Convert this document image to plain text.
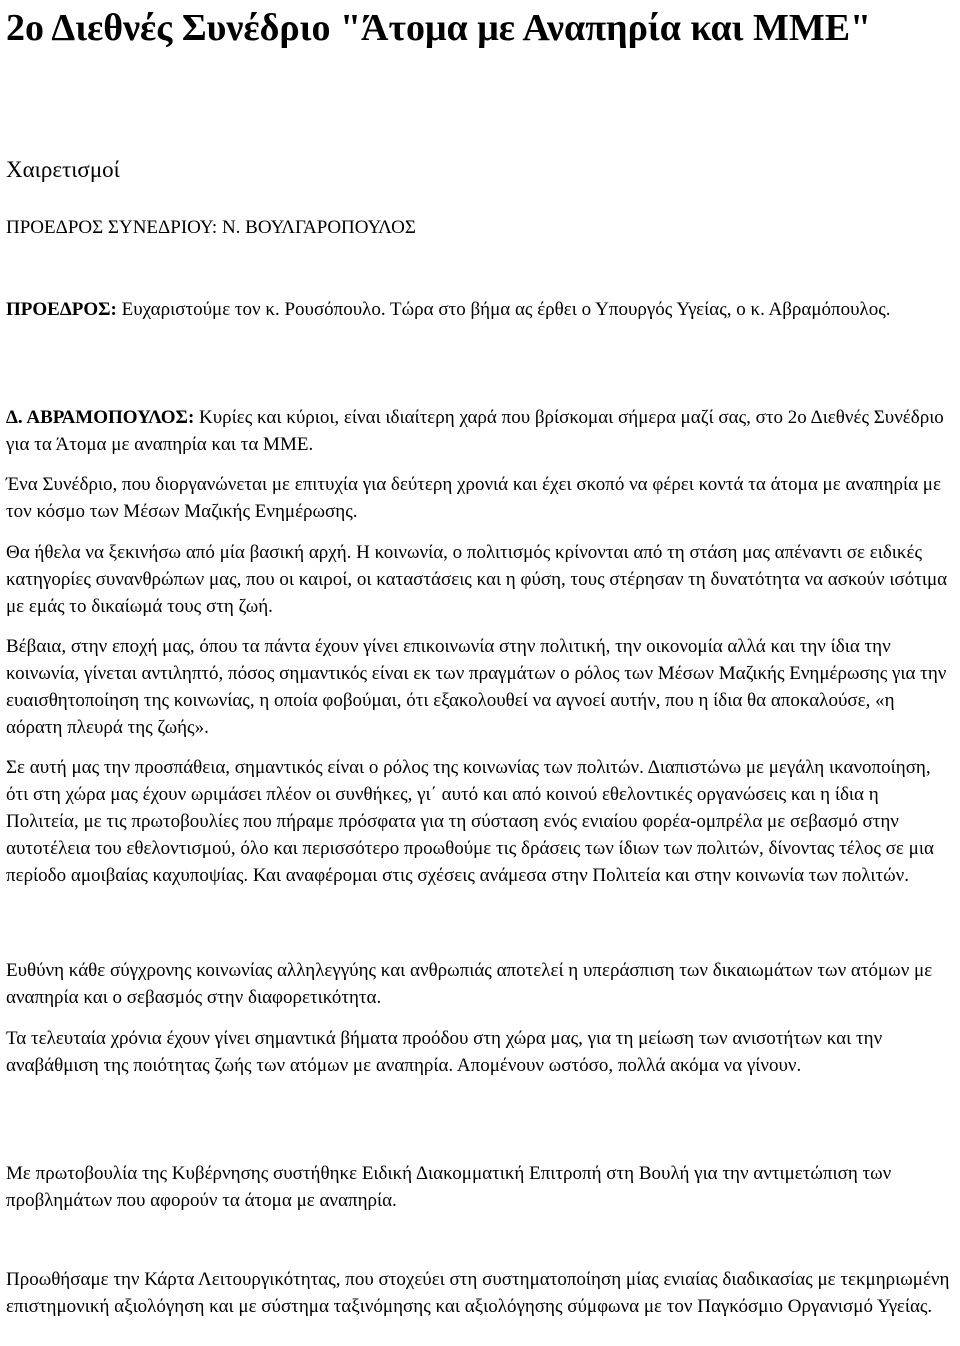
2ο Διεθνές Συνέδριο "Άτομα με Αναπηρία και ΜΜΕ"

Χαιρετισμοί

ΠΡΟΕΔΡΟΣ ΣΥΝΕΔΡΙΟΥ: Ν. ΒΟΥΛΓΑΡΟΠΟΥΛΟΣ

ΠΡΟΕΔΡΟΣ: Ευχαριστούμε τον κ. Ρουσόπουλο. Τώρα στο βήμα ας έρθει ο Υπουργός Υγείας, ο κ. Αβραμόπουλος.

Δ. ΑΒΡΑΜΟΠΟΥΛΟΣ: Κυρίες και κύριοι, είναι ιδιαίτερη χαρά που βρίσκομαι σήμερα μαζί σας, στο 2ο Διεθνές Συνέδριο για τα Άτομα με αναπηρία και τα ΜΜΕ.

Ένα Συνέδριο, που διοργανώνεται με επιτυχία για δεύτερη χρονιά και έχει σκοπό να φέρει κοντά τα άτομα με αναπηρία με τον κόσμο των Μέσων Μαζικής Ενημέρωσης.

Θα ήθελα να ξεκινήσω από μία βασική αρχή. Η κοινωνία, ο πολιτισμός κρίνονται από τη στάση μας απέναντι σε ειδικές κατηγορίες συνανθρώπων μας, που οι καιροί, οι καταστάσεις και η φύση, τους στέρησαν τη δυνατότητα να ασκούν ισότιμα με εμάς το δικαίωμά τους στη ζωή.

Βέβαια, στην εποχή μας, όπου τα πάντα έχουν γίνει επικοινωνία στην πολιτική, την οικονομία αλλά και την ίδια την κοινωνία, γίνεται αντιληπτό, πόσος σημαντικός είναι εκ των πραγμάτων ο ρόλος των Μέσων Μαζικής Ενημέρωσης για την ευαισθητοποίηση της κοινωνίας, η οποία φοβούμαι, ότι εξακολουθεί να αγνοεί αυτήν, που η ίδια θα αποκαλούσε, «η αόρατη πλευρά της ζωής».

Σε αυτή μας την προσπάθεια, σημαντικός είναι ο ρόλος της κοινωνίας των πολιτών. Διαπιστώνω με μεγάλη ικανοποίηση, ότι στη χώρα μας έχουν ωριμάσει πλέον οι συνθήκες, γι΄ αυτό και από κοινού εθελοντικές οργανώσεις και η ίδια η Πολιτεία, με τις πρωτοβουλίες που πήραμε πρόσφατα για τη σύσταση ενός ενιαίου φορέα-ομπρέλα με σεβασμό στην αυτοτέλεια του εθελοντισμού, όλο και περισσότερο προωθούμε τις δράσεις των ίδιων των πολιτών, δίνοντας τέλος σε μια περίοδο αμοιβαίας καχυποψίας. Και αναφέρομαι στις σχέσεις ανάμεσα στην Πολιτεία και στην κοινωνία των πολιτών.

Ευθύνη κάθε σύγχρονης κοινωνίας αλληλεγγύης και ανθρωπιάς αποτελεί η υπεράσπιση των δικαιωμάτων των ατόμων με αναπηρία και ο σεβασμός στην διαφορετικότητα.

Τα τελευταία χρόνια έχουν γίνει σημαντικά βήματα προόδου στη χώρα μας, για τη μείωση των ανισοτήτων και την αναβάθμιση της ποιότητας ζωής των ατόμων με αναπηρία. Απομένουν ωστόσο, πολλά ακόμα να γίνουν.

Με πρωτοβουλία της Κυβέρνησης συστήθηκε Ειδική Διακομματική Επιτροπή στη Βουλή για την αντιμετώπιση των προβλημάτων που αφορούν τα άτομα με αναπηρία.

Προωθήσαμε την Κάρτα Λειτουργικότητας, που στοχεύει στη συστηματοποίηση μίας ενιαίας διαδικασίας με τεκμηριωμένη επιστημονική αξιολόγηση και με σύστημα ταξινόμησης και αξιολόγησης σύμφωνα με τον Παγκόσμιο Οργανισμό Υγείας.
